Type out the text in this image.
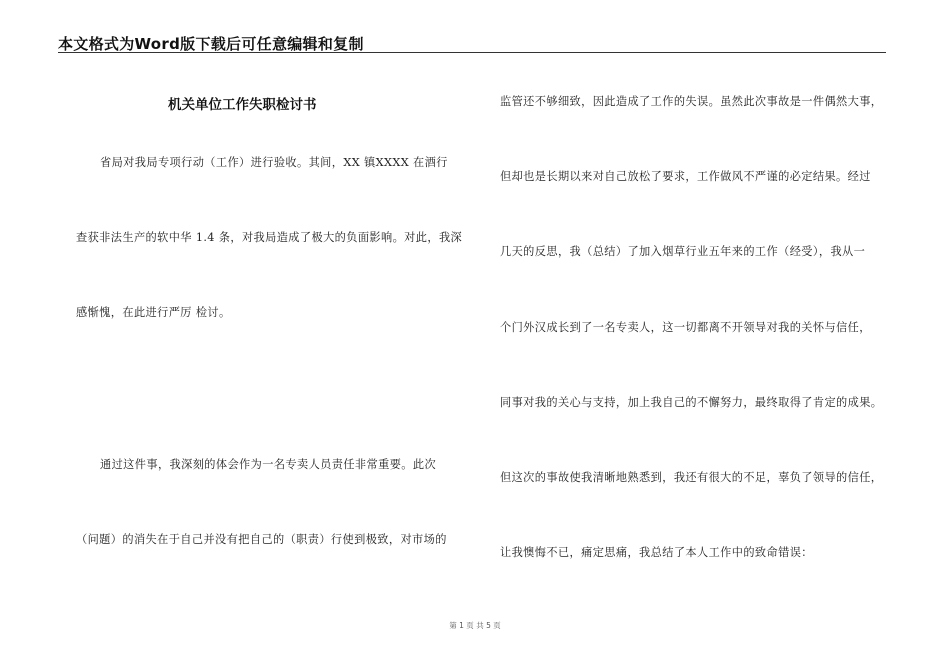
本文格式为Word版下载后可任意编辑和复制
机关单位工作失职检讨书
省局对我局专项行动（工作）进行验收。其间，XX 镇XXXX 在酒行
查获非法生产的软中华 1.4 条，对我局造成了极大的负面影响。对此，我深
感惭愧，在此进行严厉 检讨。
通过这件事，我深刻的体会作为一名专卖人员责任非常重要。此次
（问题）的消失在于自己并没有把自己的（职责）行使到极致，对市场的
监管还不够细致，因此造成了工作的失误。虽然此次事故是一件偶然大事，
但却也是长期以来对自己放松了要求，工作做风不严谨的必定结果。经过
几天的反思，我（总结）了加入烟草行业五年来的工作（经受），我从一
个门外汉成长到了一名专卖人，这一切都离不开领导对我的关怀与信任，
同事对我的关心与支持，加上我自己的不懈努力，最终取得了肯定的成果。
但这次的事故使我清晰地熟悉到，我还有很大的不足，辜负了领导的信任，
让我懊悔不已，痛定思痛，我总结了本人工作中的致命错误：
第 1 页 共 5 页
